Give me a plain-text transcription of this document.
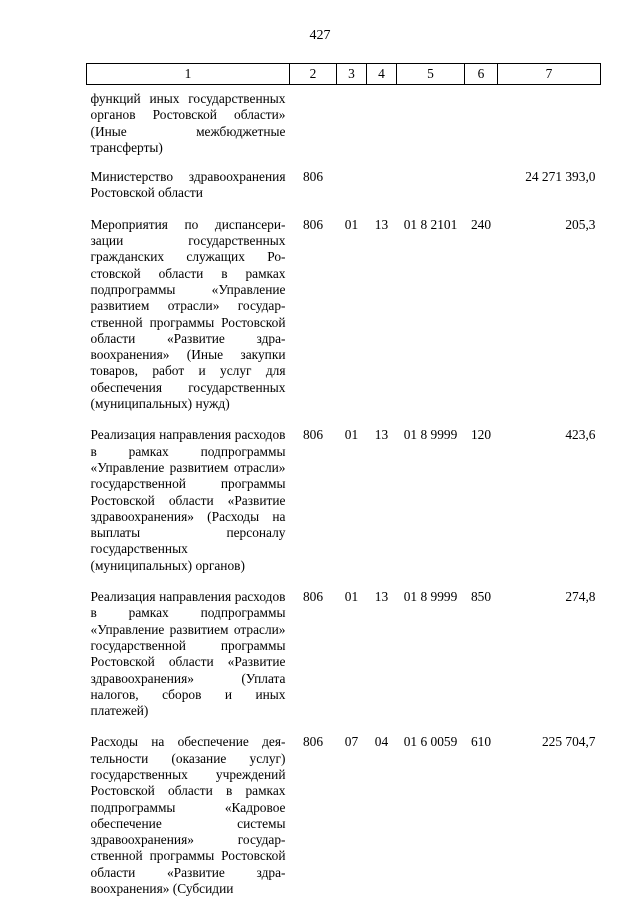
427
1	2	3	4	5	6	7
функций иных государственных органов Ростовской области» (Иные межбюджетные трансферты)						
Министерство здравоохранения Ростовской области	806					24 271 393,0
Мероприятия по диспансеризации государственных гражданских служащих Ростовской области в рамках подпрограммы «Управление развитием отрасли» государственной программы Ростовской области «Развитие здравоохранения» (Иные закупки товаров, работ и услуг для обеспечения государственных (муниципальных) нужд)	806	01	13	01 8 2101	240	205,3
Реализация направления расходов в рамках подпрограммы «Управление развитием отрасли» государственной программы Ростовской области «Развитие здравоохранения» (Расходы на выплаты персоналу государственных (муниципальных) органов)	806	01	13	01 8 9999	120	423,6
Реализация направления расходов в рамках подпрограммы «Управление развитием отрасли» государственной программы Ростовской области «Развитие здравоохранения» (Уплата налогов, сборов и иных платежей)	806	01	13	01 8 9999	850	274,8
Расходы на обеспечение деятельности (оказание услуг) государственных учреждений Ростовской области в рамках подпрограммы «Кадровое обеспечение системы здравоохранения» государственной программы Ростовской области «Развитие здравоохранения» (Субсидии	806	07	04	01 6 0059	610	225 704,7
